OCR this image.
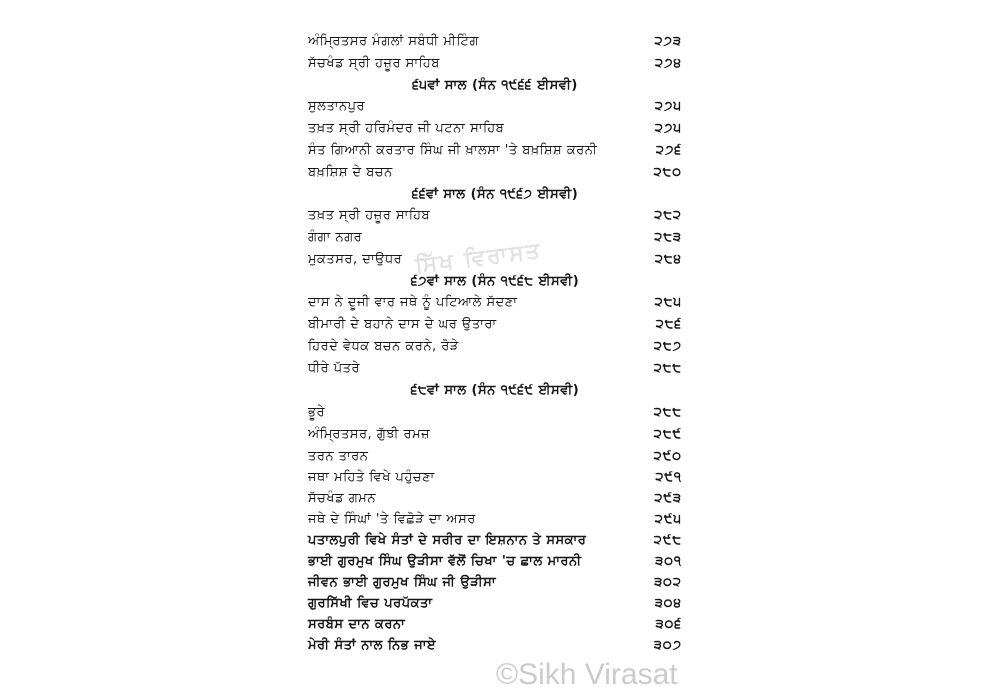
ਅੰਮ੍ਰਿਤਸਰ ਮੰਗਲਾਂ ਸਬੰਧੀ ਮੀਟਿੰਗ	੨੭੩
ਸੱਚਖੰਡ ਸ੍ਰੀ ਹਜ਼ੂਰ ਸਾਹਿਬ	੨੭੪
੬੫ਵਾਂ ਸਾਲ (ਸੰਨ ੧੯੬੬ ਈਸਵੀ)
ਸੁਲਤਾਨਪੁਰ	੨੭੫
ਤਖ਼ਤ ਸ੍ਰੀ ਹਰਿਮੰਦਰ ਜੀ ਪਟਨਾ ਸਾਹਿਬ	੨੭੫
ਸੰਤ ਗਿਆਨੀ ਕਰਤਾਰ ਸਿੰਘ ਜੀ ਖ਼ਾਲਸਾ 'ਤੇ ਬਖ਼ਸ਼ਿਸ਼ ਕਰਨੀ	੨੭੬
ਬਖ਼ਸ਼ਿਸ਼ ਦੇ ਬਚਨ	੨੮੦
੬੬ਵਾਂ ਸਾਲ (ਸੰਨ ੧੯੬੭ ਈਸਵੀ)
ਤਖ਼ਤ ਸ੍ਰੀ ਹਜ਼ੂਰ ਸਾਹਿਬ	੨੮੨
ਗੰਗਾ ਨਗਰ	੨੮੩
ਮੁਕਤਸਰ, ਦਾਉਧਰ	੨੮੪
੬੭ਵਾਂ ਸਾਲ (ਸੰਨ ੧੯੬੮ ਈਸਵੀ)
ਦਾਸ ਨੇ ਦੂਜੀ ਵਾਰ ਜਥੇ ਨੂੰ ਪਟਿਆਲੇ ਸੱਦਣਾ	੨੮੫
ਬੀਮਾਰੀ ਦੇ ਬਹਾਨੇ ਦਾਸ ਦੇ ਘਰ ਉਤਾਰਾ	੨੮੬
ਹਿਰਦੇ ਵੇਧਕ ਬਚਨ ਕਰਨੇ, ਰੋੜੇ	੨੮੭
ਧੀਰੇ ਪੱਤਰੇ	੨੮੮
੬੮ਵਾਂ ਸਾਲ (ਸੰਨ ੧੯੬੯ ਈਸਵੀ)
ਭੂਰੇ	੨੮੮
ਅੰਮ੍ਰਿਤਸਰ, ਗੁੱਝੀ ਰਮਜ਼	੨੮੯
ਤਰਨ ਤਾਰਨ	੨੯੦
ਜਥਾ ਮਹਿਤੇ ਵਿਖੇ ਪਹੁੰਚਣਾ	੨੯੧
ਸੱਚਖੰਡ ਗਮਨ	੨੯੩
ਜਥੇ ਦੇ ਸਿੰਘਾਂ 'ਤੇ ਵਿਛੋੜੇ ਦਾ ਅਸਰ	੨੯੫
ਪਤਾਲਪੁਰੀ ਵਿਖੇ ਸੰਤਾਂ ਦੇ ਸਰੀਰ ਦਾ ਇਸ਼ਨਾਨ ਤੇ ਸਸਕਾਰ	੨੯੮
ਭਾਈ ਗੁਰਮੁਖ ਸਿੰਘ ਉੜੀਸਾ ਵੱਲੋਂ ਚਿਖਾ 'ਚ ਛਾਲ ਮਾਰਨੀ	੩੦੧
ਜੀਵਨ ਭਾਈ ਗੁਰਮੁਖ ਸਿੰਘ ਜੀ ਉੜੀਸਾ	੩੦੨
ਗੁਰਸਿੱਖੀ ਵਿਚ ਪਰਪੱਕਤਾ	੩੦੪
ਸਰਬੰਸ ਦਾਨ ਕਰਨਾ	੩੦੬
ਮੇਰੀ ਸੰਤਾਂ ਨਾਲ ਨਿਭ ਜਾਏ	੩੦੭
ਸਿੱਖ ਵਿਰਾਸਤ
©Sikh Virasat
